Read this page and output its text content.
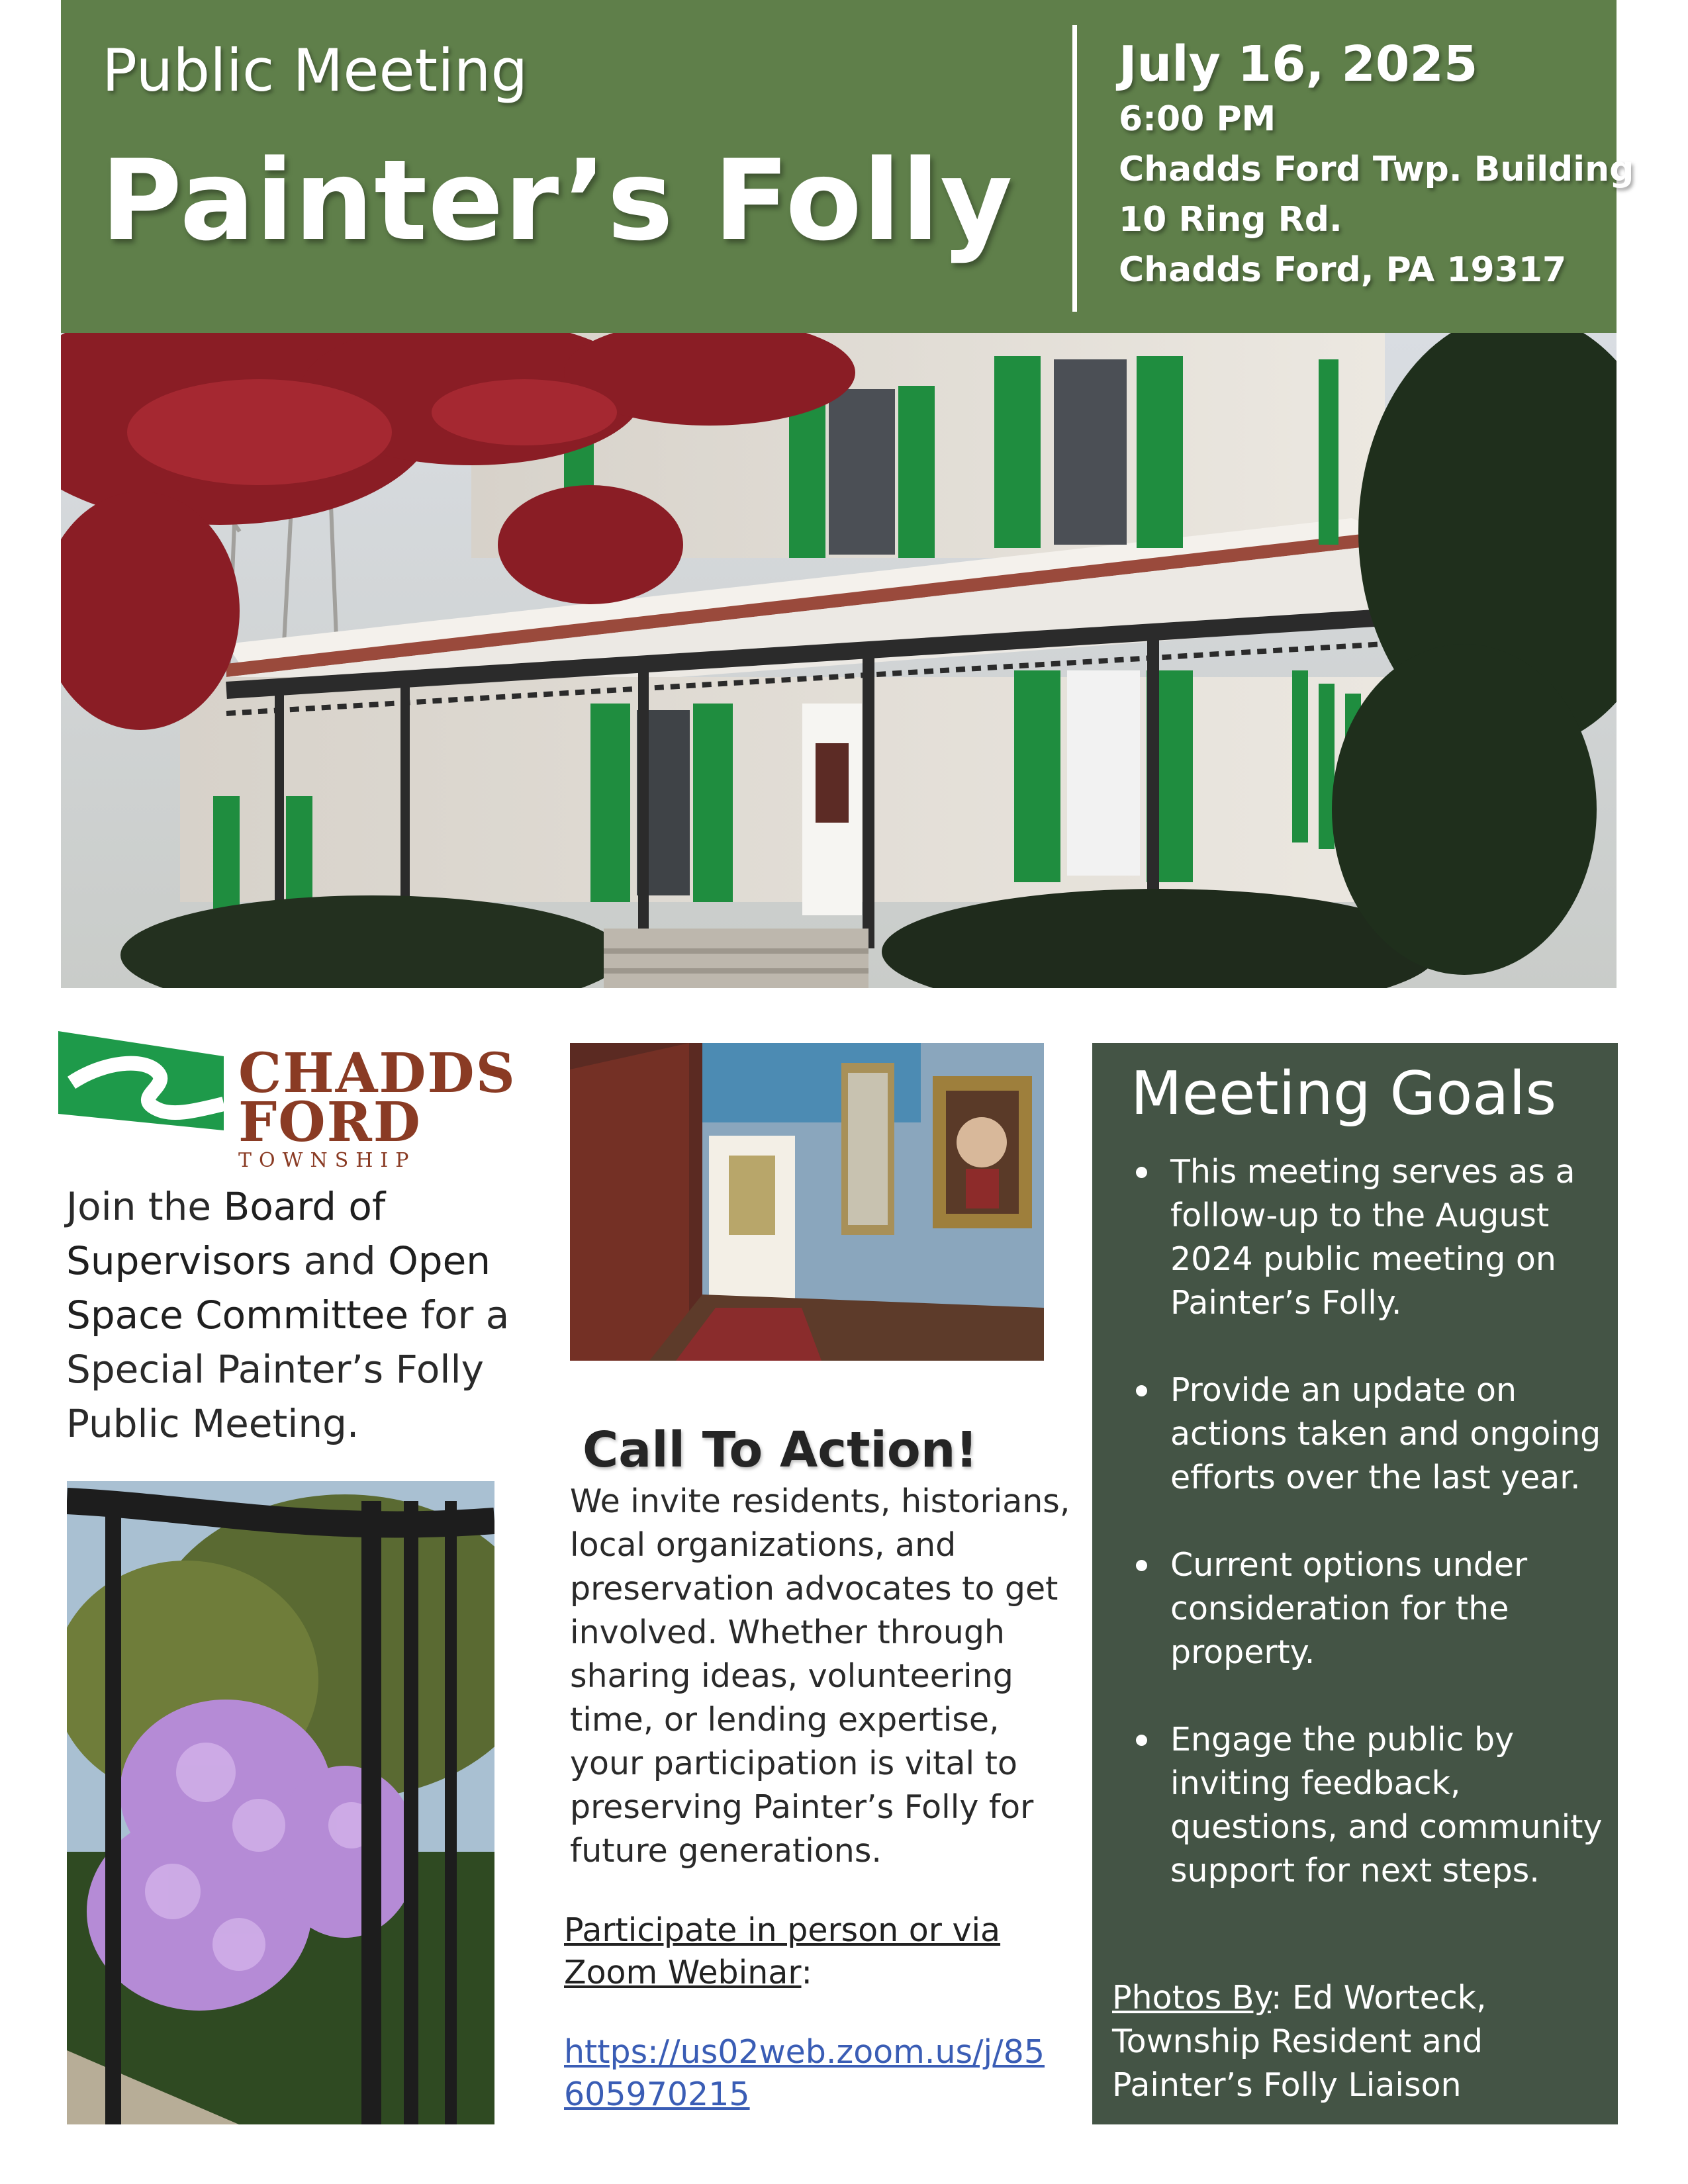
Public Meeting
Painter’s Folly
July 16, 2025
6:00 PM
Chadds Ford Twp. Building
10 Ring Rd.
Chadds Ford, PA 19317
CHADDS
FORD
TOWNSHIP
Join the Board of Supervisors and Open Space Committee for a Special Painter’s Folly Public Meeting.	Call To Action!
We invite residents, historians, local organizations, and preservation advocates to get involved. Whether through sharing ideas, volunteering time, or lending expertise, your participation is vital to preserving Painter’s Folly for future generations.
Participate in person or via Zoom Webinar:
https://us02web.zoom.us/j/85605970215
Meeting Goals
This meeting serves as a follow-up to the August 2024 public meeting on Painter’s Folly.
Provide an update on actions taken and ongoing efforts over the last year.
Current options under consideration for the property.
Engage the public by inviting feedback, questions, and community support for next steps.
Photos By: Ed Worteck, Township Resident and Painter’s Folly Liaison
